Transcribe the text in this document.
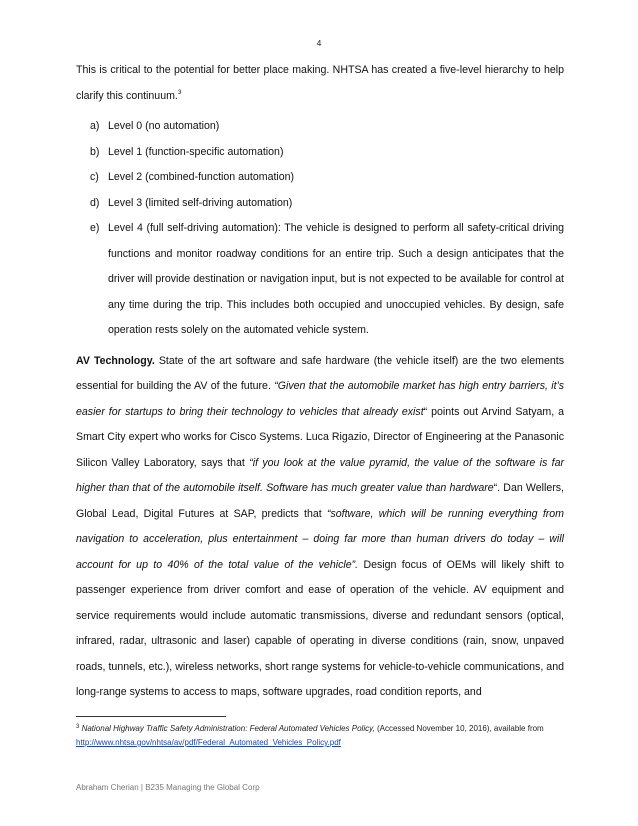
4

This is critical to the potential for better place making. NHTSA has created a five-level hierarchy to help clarify this continuum.$^3$

a) Level 0 (no automation)
b) Level 1 (function-specific automation)
c) Level 2 (combined-function automation)
d) Level 3 (limited self-driving automation)
e) Level 4 (full self-driving automation): The vehicle is designed to perform all safety-critical driving functions and monitor roadway conditions for an entire trip. Such a design anticipates that the driver will provide destination or navigation input, but is not expected to be available for control at any time during the trip. This includes both occupied and unoccupied vehicles. By design, safe operation rests solely on the automated vehicle system.

AV Technology. State of the art software and safe hardware (the vehicle itself) are the two elements essential for building the AV of the future. “Given that the automobile market has high entry barriers, it’s easier for startups to bring their technology to vehicles that already exist“ points out Arvind Satyam, a Smart City expert who works for Cisco Systems. Luca Rigazio, Director of Engineering at the Panasonic Silicon Valley Laboratory, says that “if you look at the value pyramid, the value of the software is far higher than that of the automobile itself. Software has much greater value than hardware“. Dan Wellers, Global Lead, Digital Futures at SAP, predicts that “software, which will be running everything from navigation to acceleration, plus entertainment – doing far more than human drivers do today – will account for up to 40% of the total value of the vehicle”. Design focus of OEMs will likely shift to passenger experience from driver comfort and ease of operation of the vehicle. AV equipment and service requirements would include automatic transmissions, diverse and redundant sensors (optical, infrared, radar, ultrasonic and laser) capable of operating in diverse conditions (rain, snow, unpaved roads, tunnels, etc.), wireless networks, short range systems for vehicle-to-vehicle communications, and long-range systems to access to maps, software upgrades, road condition reports, and

$^3$ National Highway Traffic Safety Administration: Federal Automated Vehicles Policy, (Accessed November 10, 2016), available from http://www.nhtsa.gov/nhtsa/av/pdf/Federal_Automated_Vehicles_Policy.pdf
Abraham Cherian | B235 Managing the Global Corp
